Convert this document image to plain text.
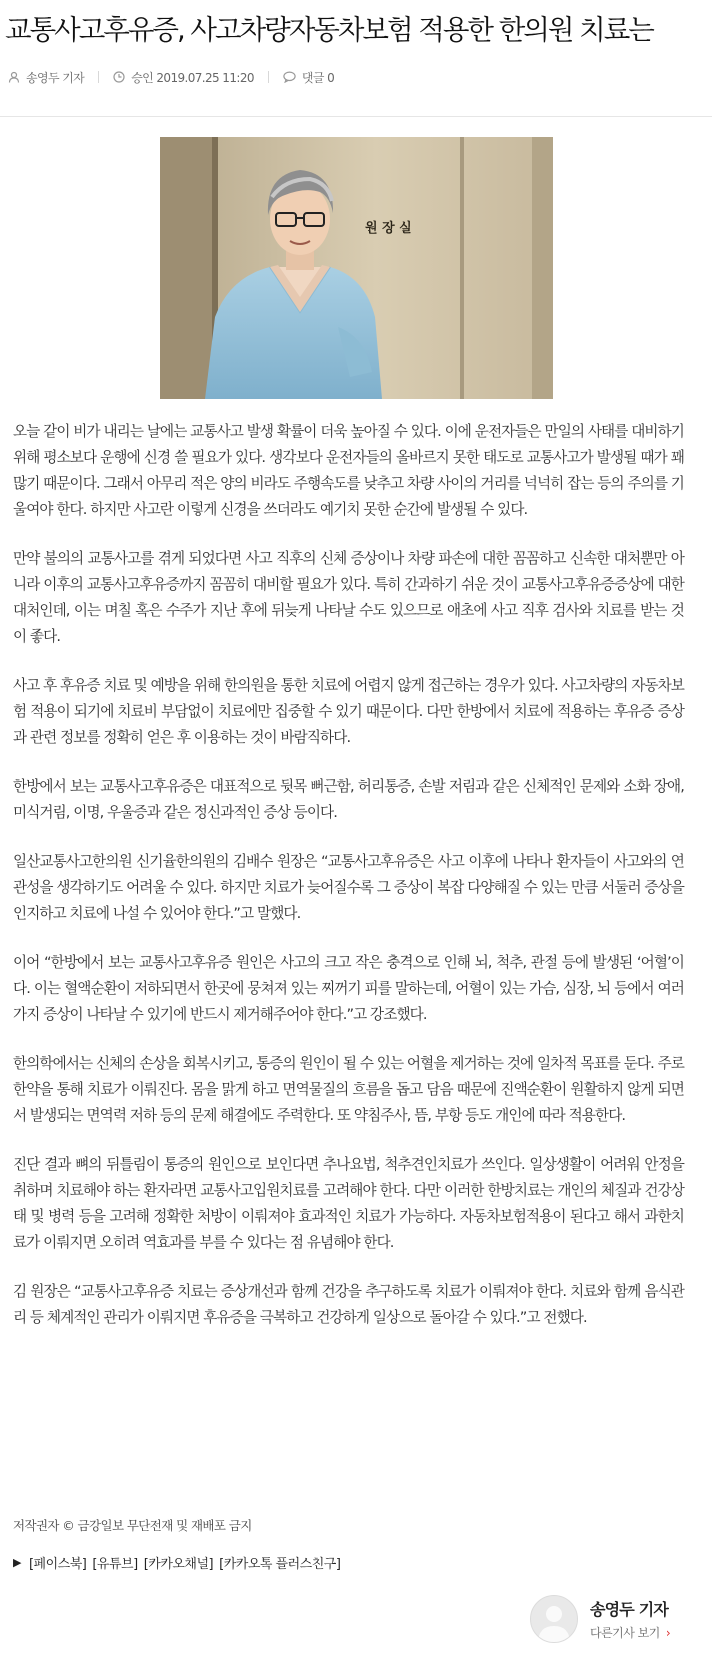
교통사고후유증, 사고차량자동차보험 적용한 한의원 치료는
송영두 기자	승인 2019.07.25 11:20	댓글 0
원 장 실

오늘 같이 비가 내리는 날에는 교통사고 발생 확률이 더욱 높아질 수 있다. 이에 운전자들은 만일의 사태를 대비하기 위해 평소보다 운행에 신경 쓸 필요가 있다. 생각보다 운전자들의 올바르지 못한 태도로 교통사고가 발생될 때가 꽤 많기 때문이다. 그래서 아무리 적은 양의 비라도 주행속도를 낮추고 차량 사이의 거리를 넉넉히 잡는 등의 주의를 기울여야 한다. 하지만 사고란 이렇게 신경을 쓰더라도 예기치 못한 순간에 발생될 수 있다.

만약 불의의 교통사고를 겪게 되었다면 사고 직후의 신체 증상이나 차량 파손에 대한 꼼꼼하고 신속한 대처뿐만 아니라 이후의 교통사고후유증까지 꼼꼼히 대비할 필요가 있다. 특히 간과하기 쉬운 것이 교통사고후유증증상에 대한 대처인데, 이는 며칠 혹은 수주가 지난 후에 뒤늦게 나타날 수도 있으므로 애초에 사고 직후 검사와 치료를 받는 것이 좋다.

사고 후 후유증 치료 및 예방을 위해 한의원을 통한 치료에 어렵지 않게 접근하는 경우가 있다. 사고차량의 자동차보험 적용이 되기에 치료비 부담없이 치료에만 집중할 수 있기 때문이다. 다만 한방에서 치료에 적용하는 후유증 증상과 관련 정보를 정확히 얻은 후 이용하는 것이 바람직하다.

한방에서 보는 교통사고후유증은 대표적으로 뒷목 뻐근함, 허리통증, 손발 저림과 같은 신체적인 문제와 소화 장애, 미식거림, 이명, 우울증과 같은 정신과적인 증상 등이다.

일산교통사고한의원 신기율한의원의 김배수 원장은 “교통사고후유증은 사고 이후에 나타나 환자들이 사고와의 연관성을 생각하기도 어려울 수 있다. 하지만 치료가 늦어질수록 그 증상이 복잡 다양해질 수 있는 만큼 서둘러 증상을 인지하고 치료에 나설 수 있어야 한다.”고 말했다.

이어 “한방에서 보는 교통사고후유증 원인은 사고의 크고 작은 충격으로 인해 뇌, 척추, 관절 등에 발생된 ‘어혈’이다. 이는 혈액순환이 저하되면서 한곳에 뭉쳐져 있는 찌꺼기 피를 말하는데, 어혈이 있는 가슴, 심장, 뇌 등에서 여러 가지 증상이 나타날 수 있기에 반드시 제거해주어야 한다.”고 강조했다.

한의학에서는 신체의 손상을 회복시키고, 통증의 원인이 될 수 있는 어혈을 제거하는 것에 일차적 목표를 둔다. 주로 한약을 통해 치료가 이뤄진다. 몸을 맑게 하고 면역물질의 흐름을 돕고 담음 때문에 진액순환이 원활하지 않게 되면서 발생되는 면역력 저하 등의 문제 해결에도 주력한다. 또 약침주사, 뜸, 부항 등도 개인에 따라 적용한다.

진단 결과 뼈의 뒤틀림이 통증의 원인으로 보인다면 추나요법, 척추견인치료가 쓰인다. 일상생활이 어려워 안정을 취하며 치료해야 하는 환자라면 교통사고입원치료를 고려해야 한다. 다만 이러한 한방치료는 개인의 체질과 건강상태 및 병력 등을 고려해 정확한 처방이 이뤄져야 효과적인 치료가 가능하다. 자동차보험적용이 된다고 해서 과한치료가 이뤄지면 오히려 역효과를 부를 수 있다는 점 유념해야 한다.

김 원장은 “교통사고후유증 치료는 증상개선과 함께 건강을 추구하도록 치료가 이뤄져야 한다. 치료와 함께 음식관리 등 체계적인 관리가 이뤄지면 후유증을 극복하고 건강하게 일상으로 돌아갈 수 있다.”고 전했다.

저작권자 © 금강일보 무단전재 및 재배포 금지
▶ [페이스북] [유튜브] [카카오채널] [카카오톡 플러스친구]
송영두 기자
다른기사 보기 ›
